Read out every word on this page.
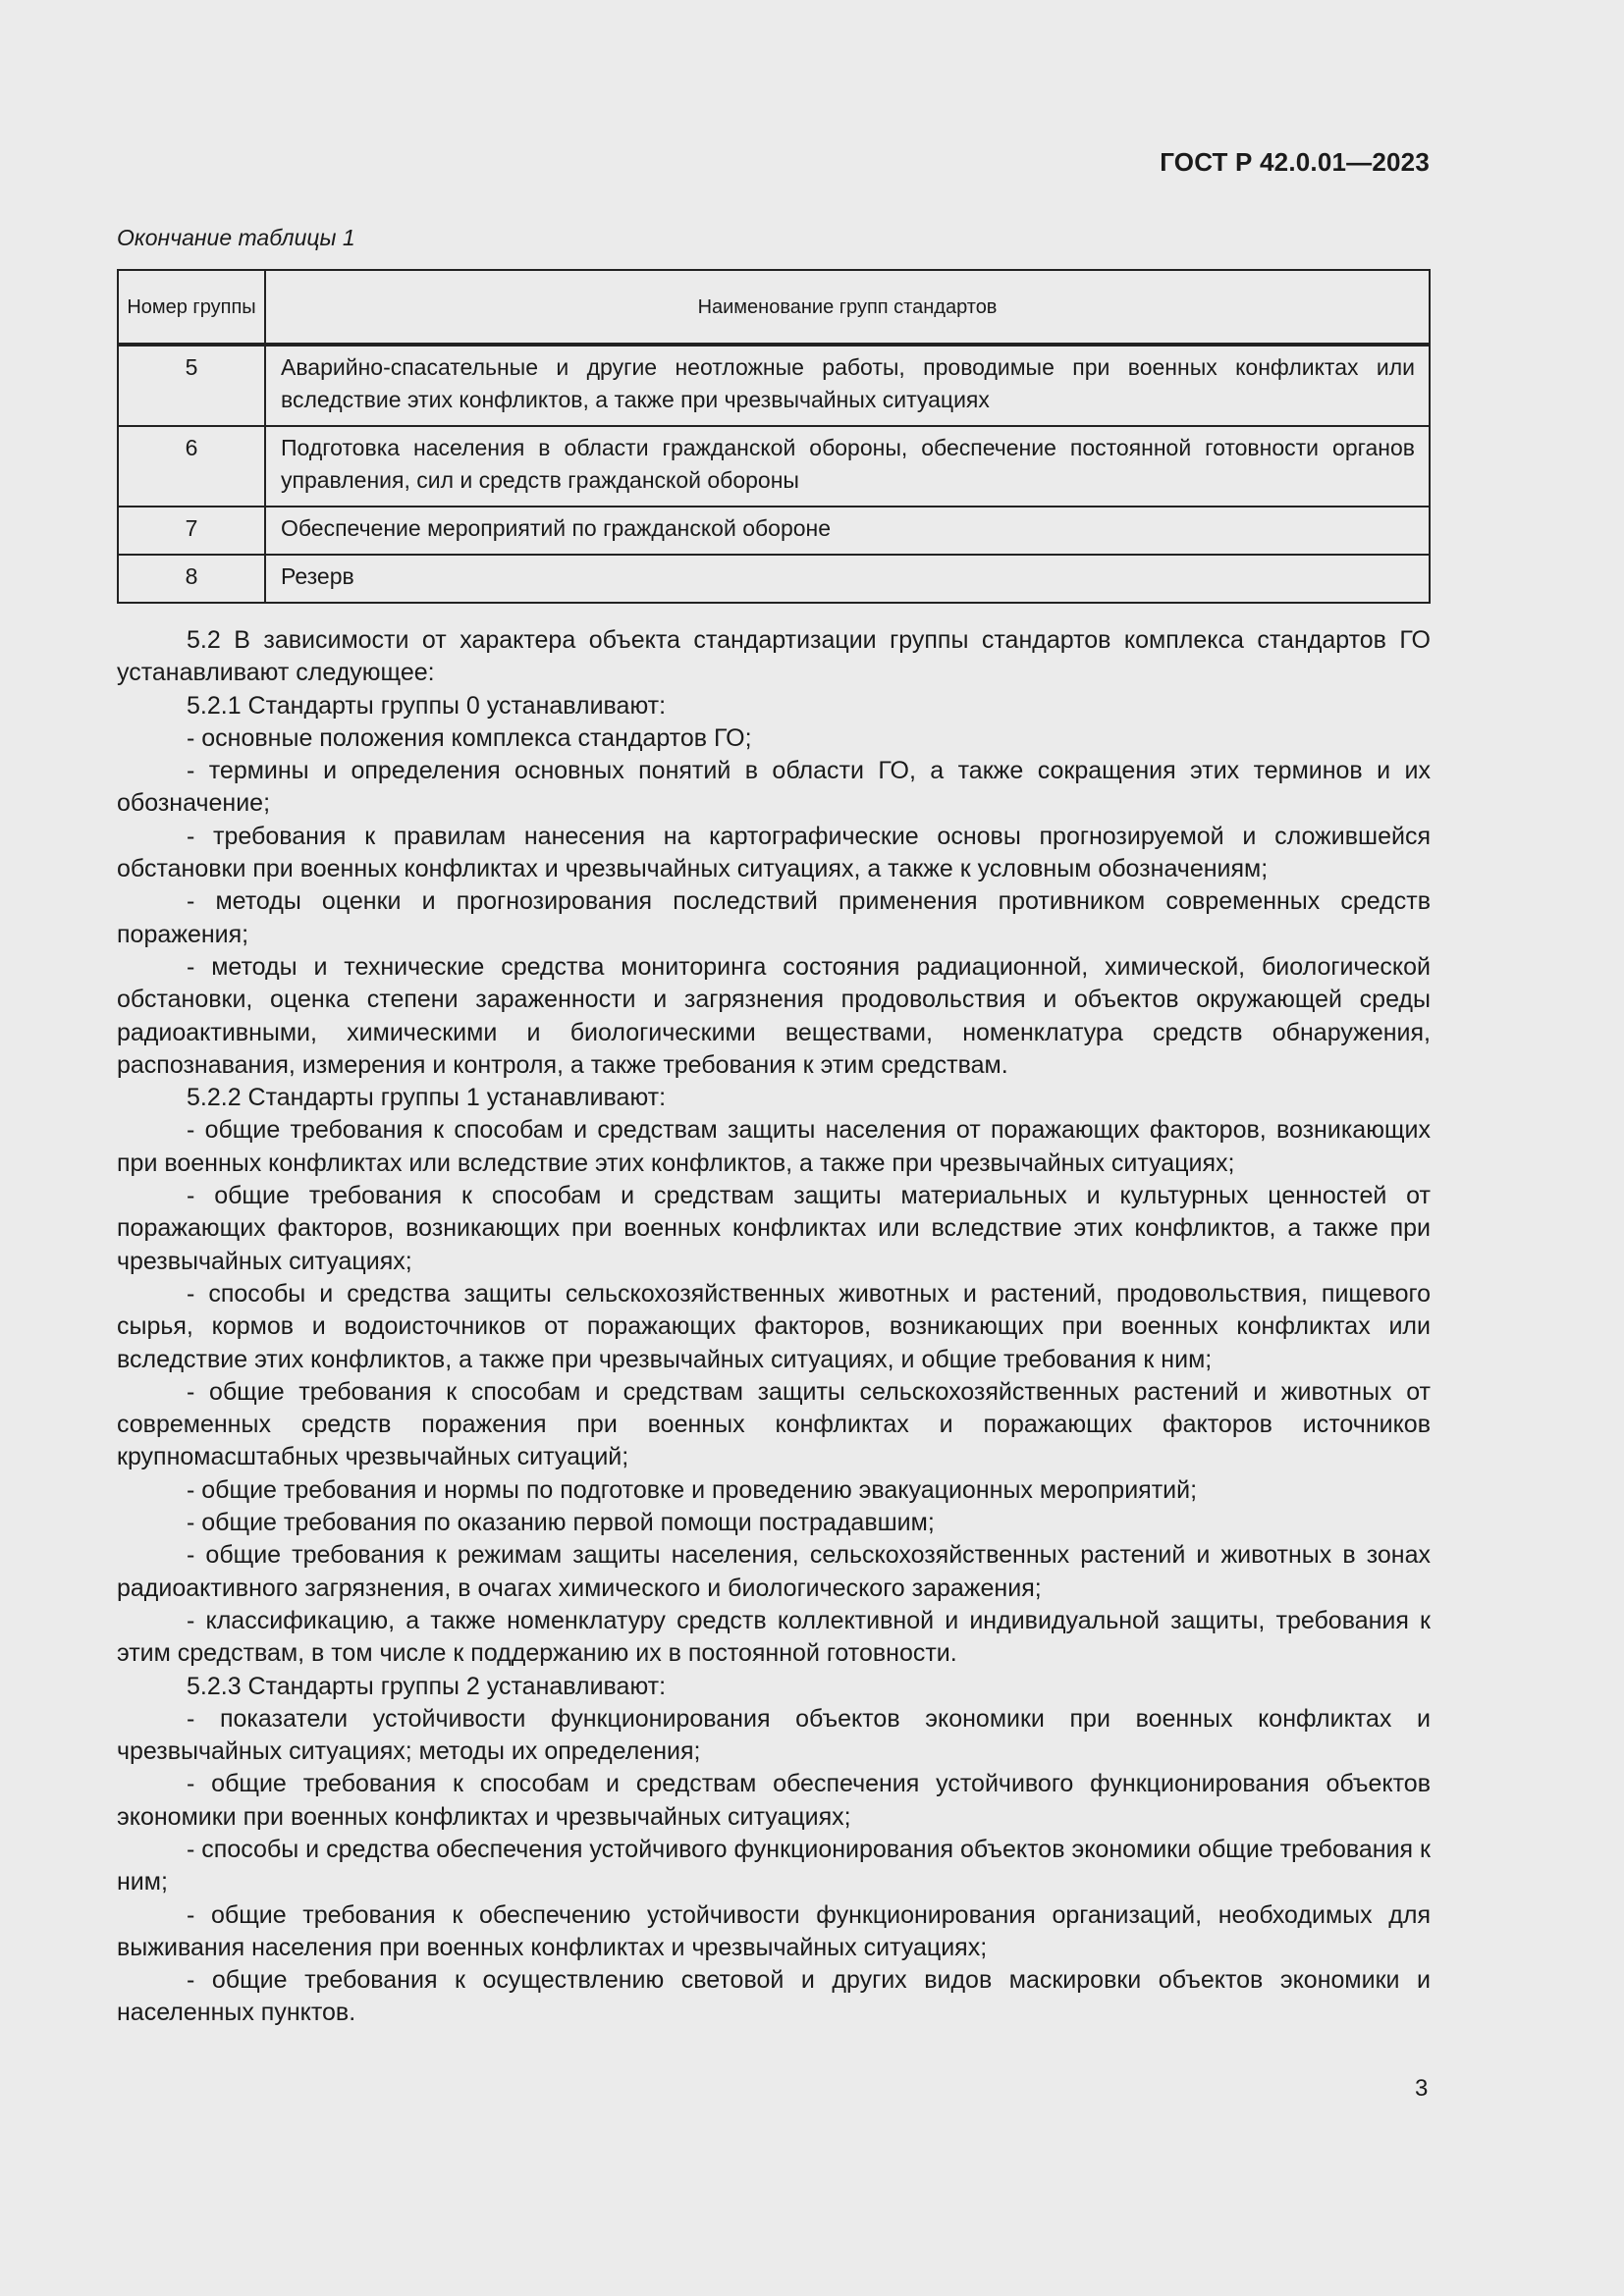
ГОСТ Р 42.0.01—2023
Окончание таблицы 1
Номер группы	Наименование групп стандартов
5	Аварийно-спасательные и другие неотложные работы, проводимые при военных конфликтах или вследствие этих конфликтов, а также при чрезвычайных ситуациях
6	Подготовка населения в области гражданской обороны, обеспечение постоянной готовности органов управления, сил и средств гражданской обороны
7	Обеспечение мероприятий по гражданской обороне
8	Резерв

5.2 В зависимости от характера объекта стандартизации группы стандартов комплекса стандартов ГО устанавливают следующее:

5.2.1 Стандарты группы 0 устанавливают:

- основные положения комплекса стандартов ГО;

- термины и определения основных понятий в области ГО, а также сокращения этих терминов и их обозначение;

- требования к правилам нанесения на картографические основы прогнозируемой и сложившейся обстановки при военных конфликтах и чрезвычайных ситуациях, а также к условным обозначениям;

- методы оценки и прогнозирования последствий применения противником современных средств поражения;

- методы и технические средства мониторинга состояния радиационной, химической, биологической обстановки, оценка степени зараженности и загрязнения продовольствия и объектов окружающей среды радиоактивными, химическими и биологическими веществами, номенклатура средств обнаружения, распознавания, измерения и контроля, а также требования к этим средствам.

5.2.2 Стандарты группы 1 устанавливают:

- общие требования к способам и средствам защиты населения от поражающих факторов, возникающих при военных конфликтах или вследствие этих конфликтов, а также при чрезвычайных ситуациях;

- общие требования к способам и средствам защиты материальных и культурных ценностей от поражающих факторов, возникающих при военных конфликтах или вследствие этих конфликтов, а также при чрезвычайных ситуациях;

- способы и средства защиты сельскохозяйственных животных и растений, продовольствия, пищевого сырья, кормов и водоисточников от поражающих факторов, возникающих при военных конфликтах или вследствие этих конфликтов, а также при чрезвычайных ситуациях, и общие требования к ним;

- общие требования к способам и средствам защиты сельскохозяйственных растений и животных от современных средств поражения при военных конфликтах и поражающих факторов источников крупномасштабных чрезвычайных ситуаций;

- общие требования и нормы по подготовке и проведению эвакуационных мероприятий;

- общие требования по оказанию первой помощи пострадавшим;

- общие требования к режимам защиты населения, сельскохозяйственных растений и животных в зонах радиоактивного загрязнения, в очагах химического и биологического заражения;

- классификацию, а также номенклатуру средств коллективной и индивидуальной защиты, требования к этим средствам, в том числе к поддержанию их в постоянной готовности.

5.2.3 Стандарты группы 2 устанавливают:

- показатели устойчивости функционирования объектов экономики при военных конфликтах и чрезвычайных ситуациях; методы их определения;

- общие требования к способам и средствам обеспечения устойчивого функционирования объектов экономики при военных конфликтах и чрезвычайных ситуациях;

- способы и средства обеспечения устойчивого функционирования объектов экономики общие требования к ним;

- общие требования к обеспечению устойчивости функционирования организаций, необходимых для выживания населения при военных конфликтах и чрезвычайных ситуациях;

- общие требования к осуществлению световой и других видов маскировки объектов экономики и населенных пунктов.

3
